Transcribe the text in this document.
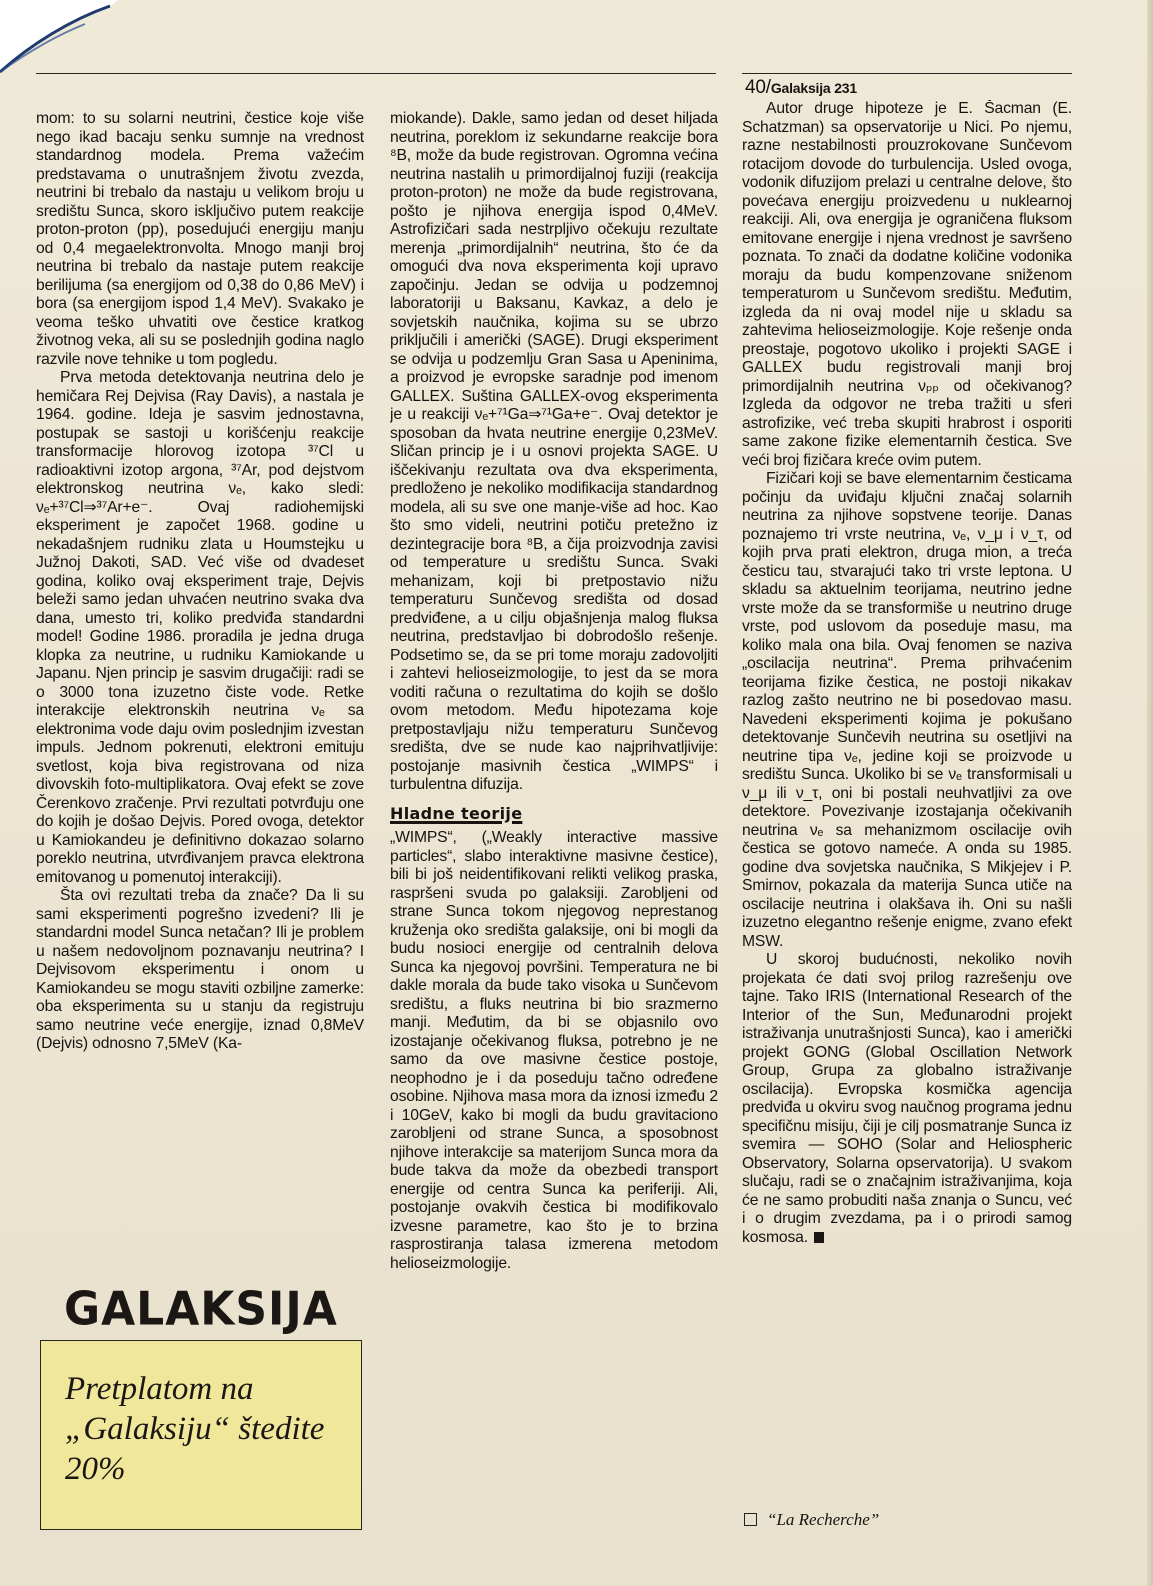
40/Galaksija 231

mom: to su solarni neutrini, čestice koje više nego ikad bacaju senku sumnje na vrednost standardnog modela. Prema važećim predstavama o unutrašnjem životu zvezda, neutrini bi trebalo da nastaju u velikom broju u središtu Sunca, skoro isključivo putem reakcije proton-proton (pp), posedujući energiju manju od 0,4 megaelektronvolta. Mnogo manji broj neutrina bi trebalo da nastaje putem reakcije berilijuma (sa energijom od 0,38 do 0,86 MeV) i bora (sa energijom ispod 1,4 MeV). Svakako je veoma teško uhvatiti ove čestice kratkog životnog veka, ali su se poslednjih godina naglo razvile nove tehnike u tom pogledu.

Prva metoda detektovanja neutrina delo je hemičara Rej Dejvisa (Ray Davis), a nastala je 1964. godine. Ideja je sasvim jednostavna, postupak se sastoji u korišćenju reakcije transformacije hlorovog izotopa ³⁷Cl u radioaktivni izotop argona, ³⁷Ar, pod dejstvom elektronskog neutrina νₑ, kako sledi: νₑ+³⁷Cl⇒³⁷Ar+e⁻. Ovaj radiohemijski eksperiment je započet 1968. godine u nekadašnjem rudniku zlata u Houmstejku u Južnoj Dakoti, SAD. Već više od dvadeset godina, koliko ovaj eksperiment traje, Dejvis beleži samo jedan uhvaćen neutrino svaka dva dana, umesto tri, koliko predviđa standardni model! Godine 1986. proradila je jedna druga klopka za neutrine, u rudniku Kamiokande u Japanu. Njen princip je sasvim drugačiji: radi se o 3000 tona izuzetno čiste vode. Retke interakcije elektronskih neutrina νₑ sa elektronima vode daju ovim poslednjim izvestan impuls. Jednom pokrenuti, elektroni emituju svetlost, koja biva registrovana od niza divovskih foto-multiplikatora. Ovaj efekt se zove Čerenkovo zračenje. Prvi rezultati potvrđuju one do kojih je došao Dejvis. Pored ovoga, detektor u Kamiokandeu je definitivno dokazao solarno poreklo neutrina, utvrđivanjem pravca elektrona emitovanog u pomenutoj interakciji).

Šta ovi rezultati treba da znače? Da li su sami eksperimenti pogrešno izvedeni? Ili je standardni model Sunca netačan? Ili je problem u našem nedovoljnom poznavanju neutrina? I Dejvisovom eksperimentu i onom u Kamiokandeu se mogu staviti ozbiljne zamerke: oba eksperimenta su u stanju da registruju samo neutrine veće energije, iznad 0,8MeV (Dejvis) odnosno 7,5MeV (Ka-

miokande). Dakle, samo jedan od deset hiljada neutrina, poreklom iz sekundarne reakcije bora ⁸B, može da bude registrovan. Ogromna većina neutrina nastalih u primordijalnoj fuziji (reakcija proton-proton) ne može da bude registrovana, pošto je njihova energija ispod 0,4MeV. Astrofizičari sada nestrpljivo očekuju rezultate merenja „primordijalnih“ neutrina, što će da omogući dva nova eksperimenta koji upravo započinju. Jedan se odvija u podzemnoj laboratoriji u Baksanu, Kavkaz, a delo je sovjetskih naučnika, kojima su se ubrzo priključili i američki (SAGE). Drugi eksperiment se odvija u podzemlju Gran Sasa u Apeninima, a proizvod je evropske saradnje pod imenom GALLEX. Suština GALLEX-ovog eksperimenta je u reakciji νₑ+⁷¹Ga⇒⁷¹Ga+e⁻. Ovaj detektor je sposoban da hvata neutrine energije 0,23MeV. Sličan princip je i u osnovi projekta SAGE. U iščekivanju rezultata ova dva eksperimenta, predloženo je nekoliko modifikacija standardnog modela, ali su sve one manje-više ad hoc. Kao što smo videli, neutrini potiču pretežno iz dezintegracije bora ⁸B, a čija proizvodnja zavisi od temperature u središtu Sunca. Svaki mehanizam, koji bi pretpostavio nižu temperaturu Sunčevog središta od dosad predviđene, a u cilju objašnjenja malog fluksa neutrina, predstavljao bi dobrodošlo rešenje. Podsetimo se, da se pri tome moraju zadovoljiti i zahtevi helioseizmologije, to jest da se mora voditi računa o rezultatima do kojih se došlo ovom metodom. Među hipotezama koje pretpostavljaju nižu temperaturu Sunčevog središta, dve se nude kao najprihvatljivije: postojanje masivnih čestica „WIMPS“ i turbulentna difuzija.

Hladne teorije

„WIMPS“, („Weakly interactive massive particles“, slabo interaktivne masivne čestice), bili bi još neidentifikovani relikti velikog praska, raspršeni svuda po galaksiji. Zarobljeni od strane Sunca tokom njegovog neprestanog kruženja oko središta galaksije, oni bi mogli da budu nosioci energije od centralnih delova Sunca ka njegovoj površini. Temperatura ne bi dakle morala da bude tako visoka u Sunčevom središtu, a fluks neutrina bi bio srazmerno manji. Međutim, da bi se objasnilo ovo izostajanje očekivanog fluksa, potrebno je ne samo da ove masivne čestice postoje, neophodno je i da poseduju tačno određene osobine. Njihova masa mora da iznosi između 2 i 10GeV, kako bi mogli da budu gravitaciono zarobljeni od strane Sunca, a sposobnost njihove interakcije sa materijom Sunca mora da bude takva da može da obezbedi transport energije od centra Sunca ka periferiji. Ali, postojanje ovakvih čestica bi modifikovalo izvesne parametre, kao što je to brzina rasprostiranja talasa izmerena metodom helioseizmologije.

Autor druge hipoteze je E. Šacman (E. Schatzman) sa opservatorije u Nici. Po njemu, razne nestabilnosti prouzrokovane Sunčevom rotacijom dovode do turbulencija. Usled ovoga, vodonik difuzijom prelazi u centralne delove, što povećava energiju proizvedenu u nuklearnoj reakciji. Ali, ova energija je ograničena fluksom emitovane energije i njena vrednost je savršeno poznata. To znači da dodatne količine vodonika moraju da budu kompenzovane sniženom temperaturom u Sunčevom središtu. Međutim, izgleda da ni ovaj model nije u skladu sa zahtevima helioseizmologije. Koje rešenje onda preostaje, pogotovo ukoliko i projekti SAGE i GALLEX budu registrovali manji broj primordijalnih neutrina νₚₚ od očekivanog? Izgleda da odgovor ne treba tražiti u sferi astrofizike, već treba skupiti hrabrost i osporiti same zakone fizike elementarnih čestica. Sve veći broj fizičara kreće ovim putem.

Fizičari koji se bave elementarnim česticama počinju da uviđaju ključni značaj solarnih neutrina za njihove sopstvene teorije. Danas poznajemo tri vrste neutrina, νₑ, ν_μ i ν_τ, od kojih prva prati elektron, druga mion, a treća česticu tau, stvarajući tako tri vrste leptona. U skladu sa aktuelnim teorijama, neutrino jedne vrste može da se transformiše u neutrino druge vrste, pod uslovom da poseduje masu, ma koliko mala ona bila. Ovaj fenomen se naziva „oscilacija neutrina“. Prema prihvaćenim teorijama fizike čestica, ne postoji nikakav razlog zašto neutrino ne bi posedovao masu. Navedeni eksperimenti kojima je pokušano detektovanje Sunčevih neutrina su osetljivi na neutrine tipa νₑ, jedine koji se proizvode u središtu Sunca. Ukoliko bi se νₑ transformisali u ν_μ ili ν_τ, oni bi postali neuhvatljivi za ove detektore. Povezivanje izostajanja očekivanih neutrina νₑ sa mehanizmom oscilacije ovih čestica se gotovo nameće. A onda su 1985. godine dva sovjetska naučnika, S Mikjejev i P. Smirnov, pokazala da materija Sunca utiče na oscilacije neutrina i olakšava ih. Oni su našli izuzetno elegantno rešenje enigme, zvano efekt MSW.

U skoroj budućnosti, nekoliko novih projekata će dati svoj prilog razrešenju ove tajne. Tako IRIS (International Research of the Interior of the Sun, Međunarodni projekt istraživanja unutrašnjosti Sunca), kao i američki projekt GONG (Global Oscillation Network Group, Grupa za globalno istraživanje oscilacija). Evropska kosmička agencija predviđa u okviru svog naučnog programa jednu specifičnu misiju, čiji je cilj posmatranje Sunca iz svemira — SOHO (Solar and Heliospheric Observatory, Solarna opservatorija). U svakom slučaju, radi se o značajnim istraživanjima, koja će ne samo probuditi naša znanja o Suncu, već i o drugim zvezdama, pa i o prirodi samog kosmosa.

GALAKSIJA
Pretplatom na „Galaksiju“ štedite 20%
“La Recherche”
